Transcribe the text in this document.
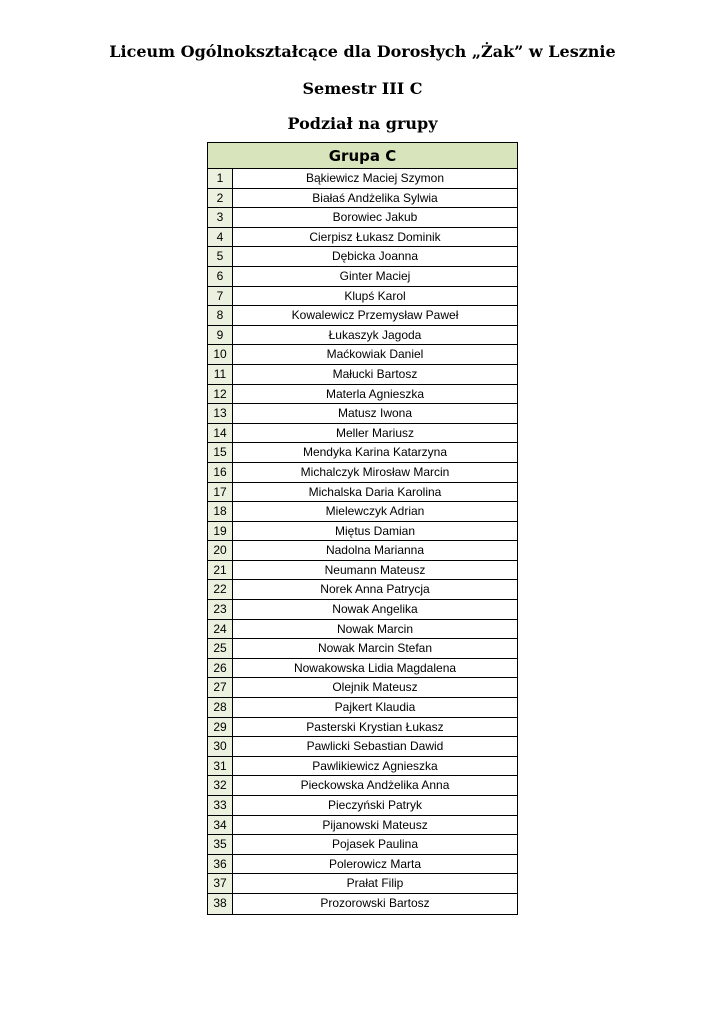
Liceum Ogólnokształcące dla Dorosłych „Żak” w Lesznie
Semestr III C
Podział na grupy
Grupa C
1	Bąkiewicz Maciej Szymon
2	Białaś Andżelika Sylwia
3	Borowiec Jakub
4	Cierpisz Łukasz Dominik
5	Dębicka Joanna
6	Ginter Maciej
7	Klupś Karol
8	Kowalewicz Przemysław Paweł
9	Łukaszyk Jagoda
10	Maćkowiak Daniel
11	Małucki Bartosz
12	Materla Agnieszka
13	Matusz Iwona
14	Meller Mariusz
15	Mendyka Karina Katarzyna
16	Michalczyk Mirosław Marcin
17	Michalska Daria Karolina
18	Mielewczyk Adrian
19	Miętus Damian
20	Nadolna Marianna
21	Neumann Mateusz
22	Norek Anna Patrycja
23	Nowak Angelika
24	Nowak Marcin
25	Nowak Marcin Stefan
26	Nowakowska Lidia Magdalena
27	Olejnik Mateusz
28	Pajkert Klaudia
29	Pasterski Krystian Łukasz
30	Pawlicki Sebastian Dawid
31	Pawlikiewicz Agnieszka
32	Pieckowska Andżelika Anna
33	Pieczyński Patryk
34	Pijanowski Mateusz
35	Pojasek Paulina
36	Polerowicz Marta
37	Prałat Filip
38	Prozorowski Bartosz
